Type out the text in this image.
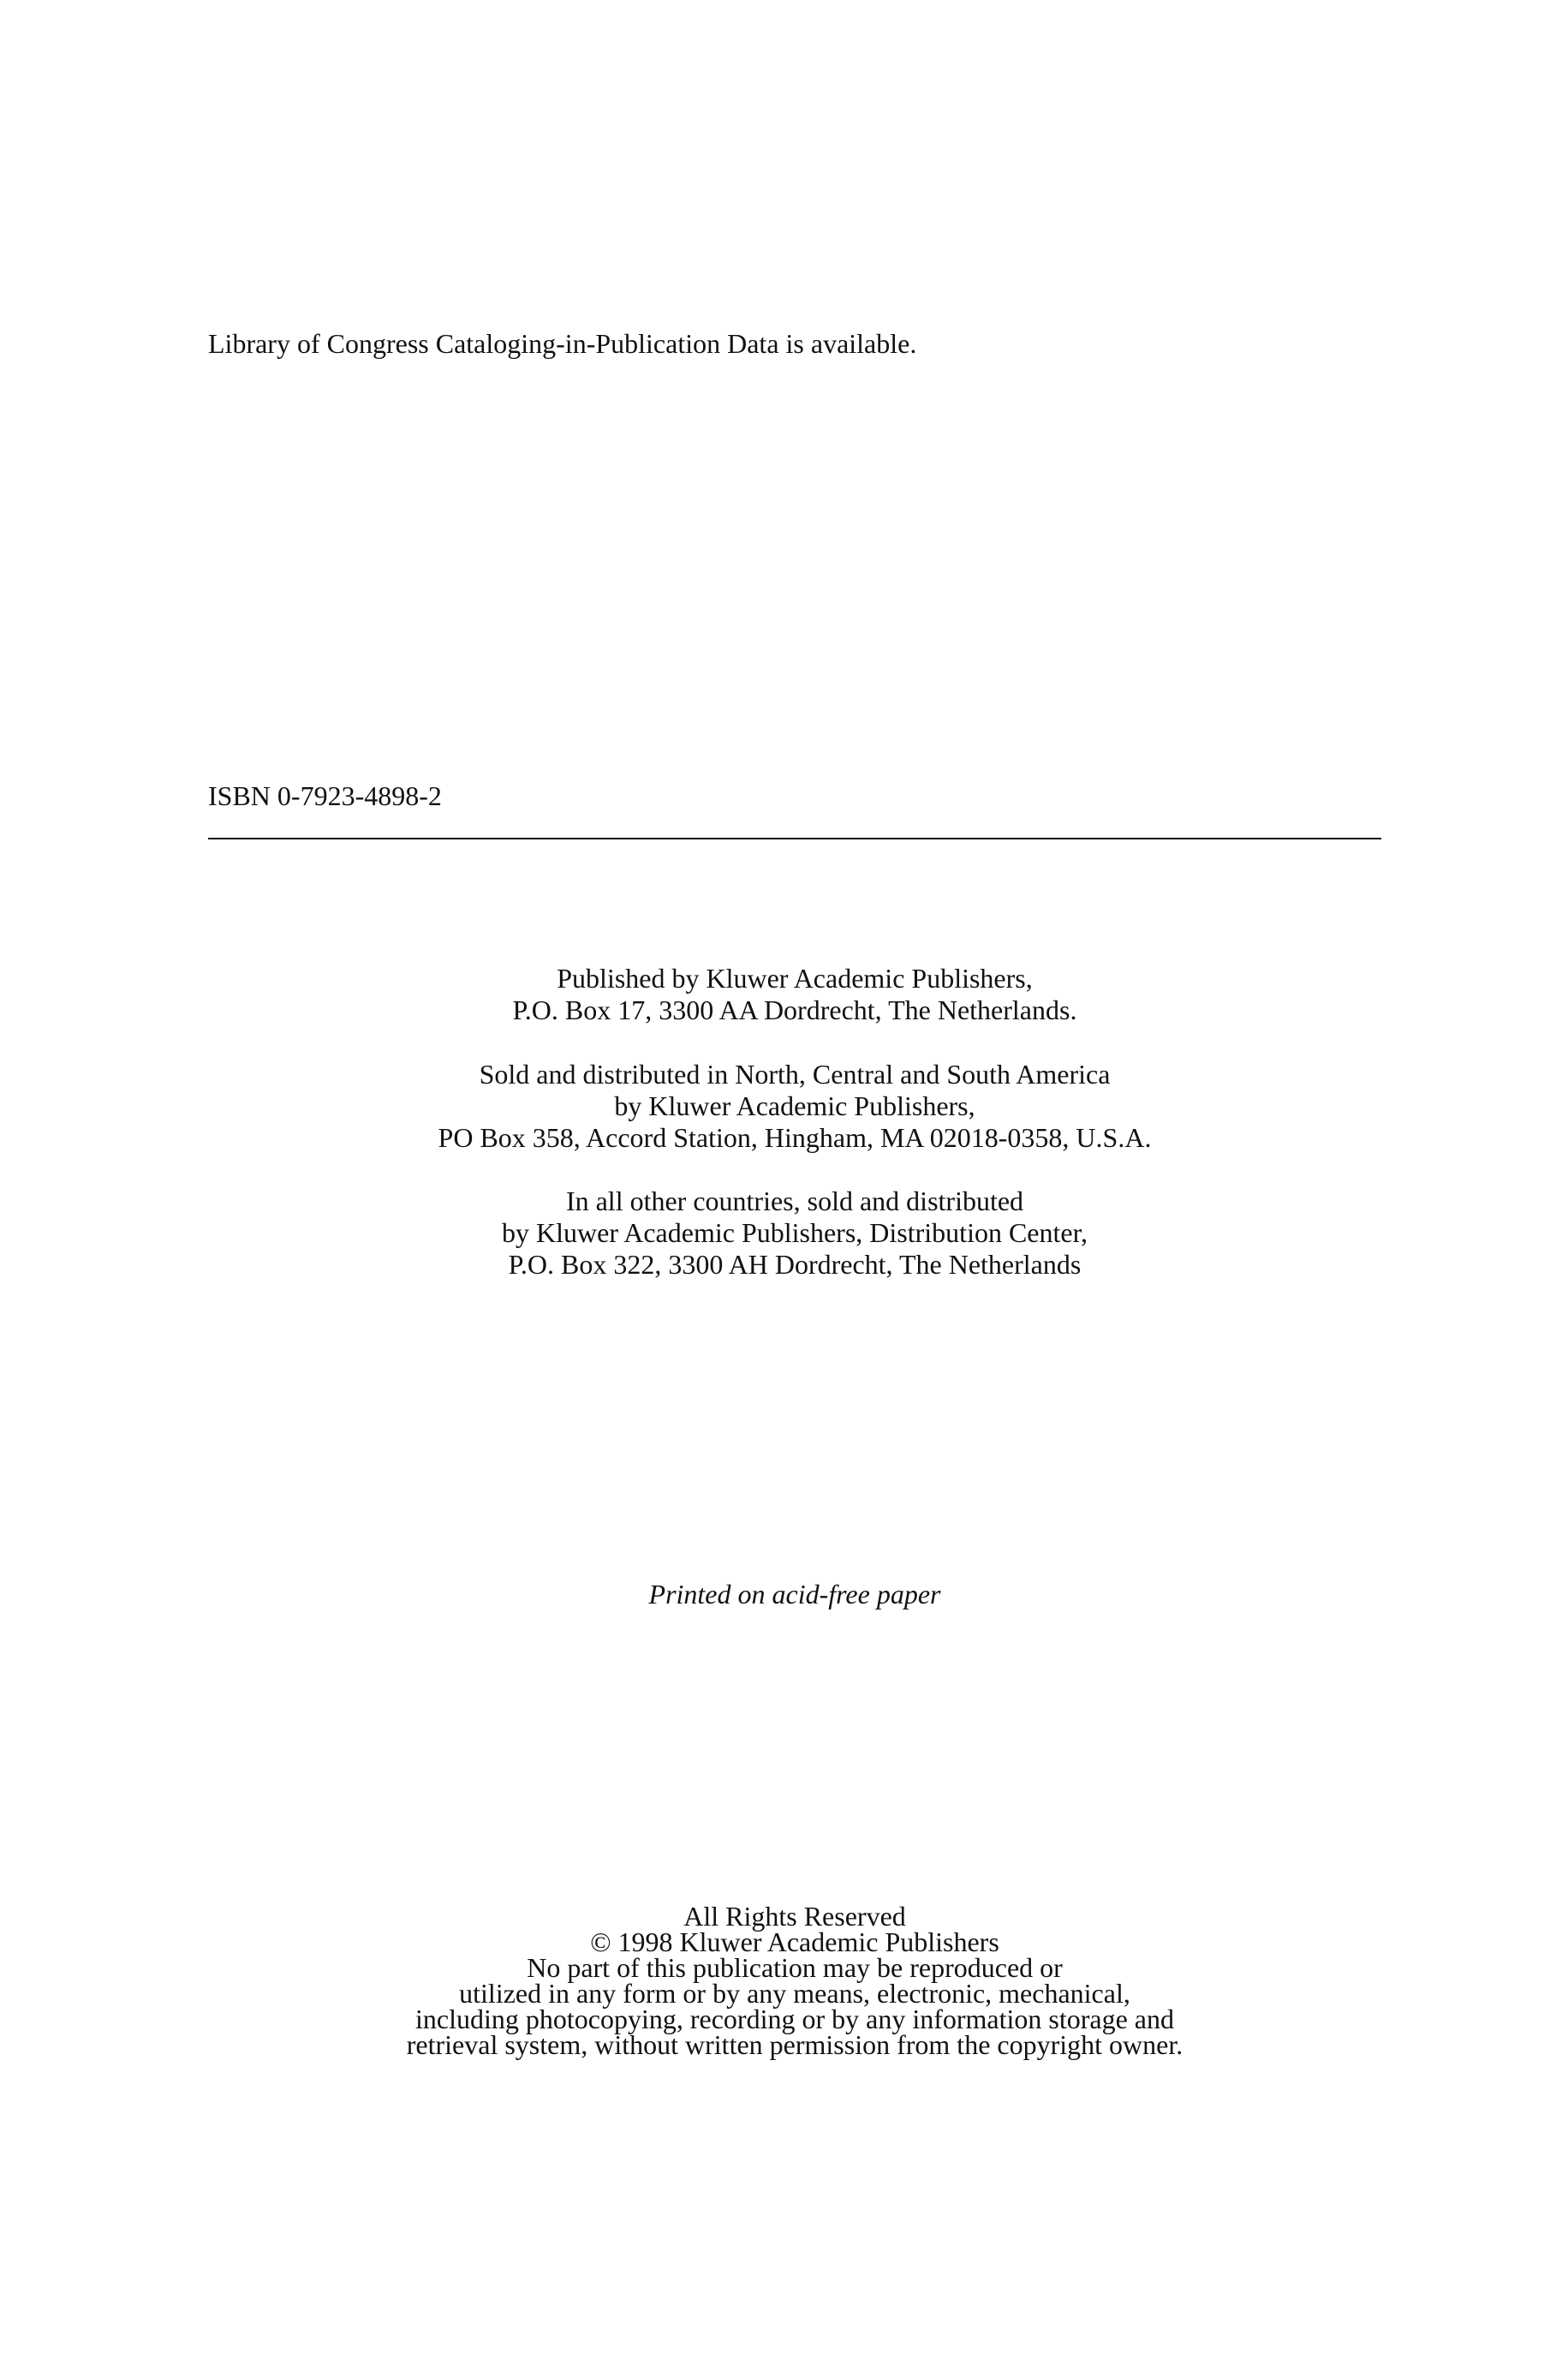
Library of Congress Cataloging-in-Publication Data is available.
ISBN 0-7923-4898-2
Published by Kluwer Academic Publishers,
P.O. Box 17, 3300 AA Dordrecht, The Netherlands.
Sold and distributed in North, Central and South America
by Kluwer Academic Publishers,
PO Box 358, Accord Station, Hingham, MA 02018-0358, U.S.A.
In all other countries, sold and distributed
by Kluwer Academic Publishers, Distribution Center,
P.O. Box 322, 3300 AH Dordrecht, The Netherlands
Printed on acid-free paper
All Rights Reserved
© 1998 Kluwer Academic Publishers
No part of this publication may be reproduced or
utilized in any form or by any means, electronic, mechanical,
including photocopying, recording or by any information storage and
retrieval system, without written permission from the copyright owner.
